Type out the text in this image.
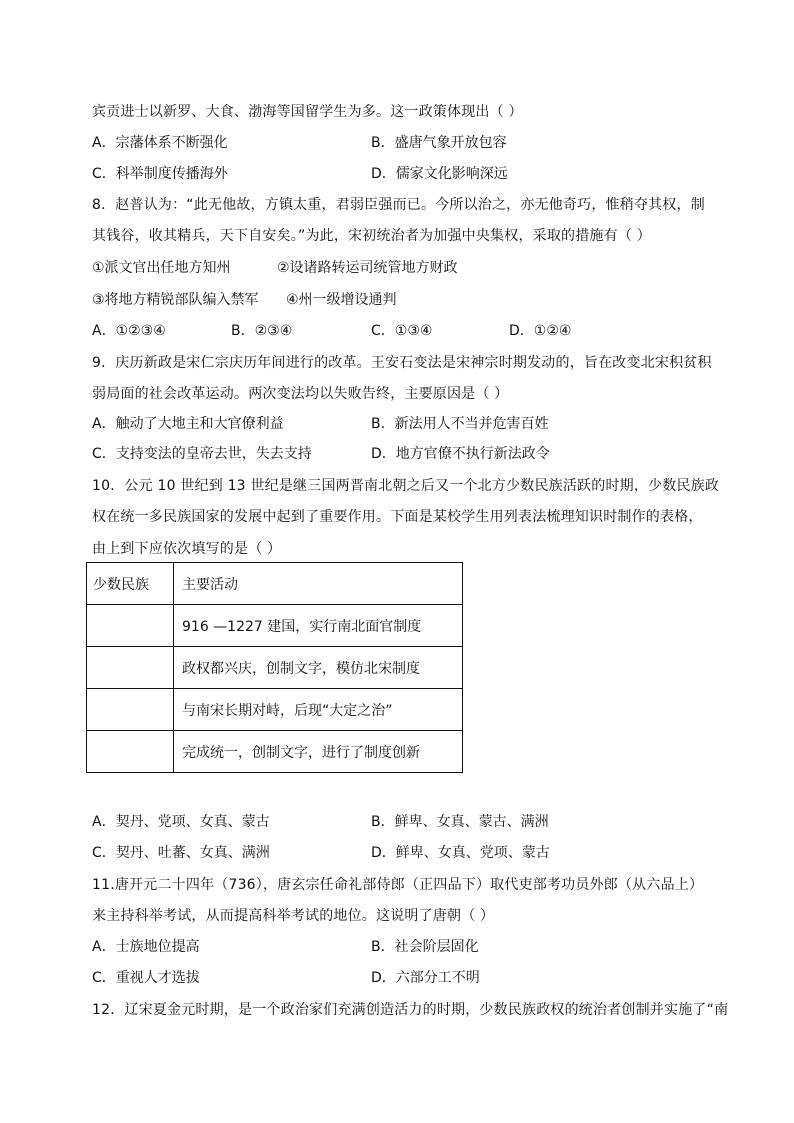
宾贡进士以新罗、大食、渤海等国留学生为多。这一政策体现出（ ）
A．宗藩体系不断强化	B．盛唐气象开放包容
C．科举制度传播海外	D．儒家文化影响深远
8．赵普认为：“此无他故，方镇太重，君弱臣强而已。今所以治之，亦无他奇巧，惟稍夺其权，制
其钱谷，收其精兵，天下自安矣。”为此，宋初统治者为加强中央集权，采取的措施有（ ）
①派文官出任地方知州	②设诸路转运司统管地方财政
③将地方精锐部队编入禁军 ④州一级增设通判
A．①②③④	B．②③④	C．①③④	D．①②④
9．庆历新政是宋仁宗庆历年间进行的改革。王安石变法是宋神宗时期发动的，旨在改变北宋积贫积
弱局面的社会改革运动。两次变法均以失败告终，主要原因是（ ）
A．触动了大地主和大官僚利益	B．新法用人不当并危害百姓
C．支持变法的皇帝去世，失去支持	D．地方官僚不执行新法政令
10．公元 10 世纪到 13 世纪是继三国两晋南北朝之后又一个北方少数民族活跃的时期，少数民族政
权在统一多民族国家的发展中起到了重要作用。下面是某校学生用列表法梳理知识时制作的表格，
由上到下应依次填写的是（ ）
少数民族	主要活动
	916 —1227 建国，实行南北面官制度
	政权都兴庆，创制文字，模仿北宋制度
	与南宋长期对峙，后现“大定之治”
	完成统一，创制文字，进行了制度创新
A．契丹、党项、女真、蒙古	B．鲜卑、女真、蒙古、满洲
C．契丹、吐蕃、女真、满洲	D．鲜卑、女真、党项、蒙古
11.唐开元二十四年（736），唐玄宗任命礼部侍郎（正四品下）取代吏部考功员外郎（从六品上）
来主持科举考试，从而提高科举考试的地位。这说明了唐朝（ ）
A．士族地位提高	B．社会阶层固化
C．重视人才选拔	D．六部分工不明
12．辽宋夏金元时期，是一个政治家们充满创造活力的时期，少数民族政权的统治者创制并实施了“南
